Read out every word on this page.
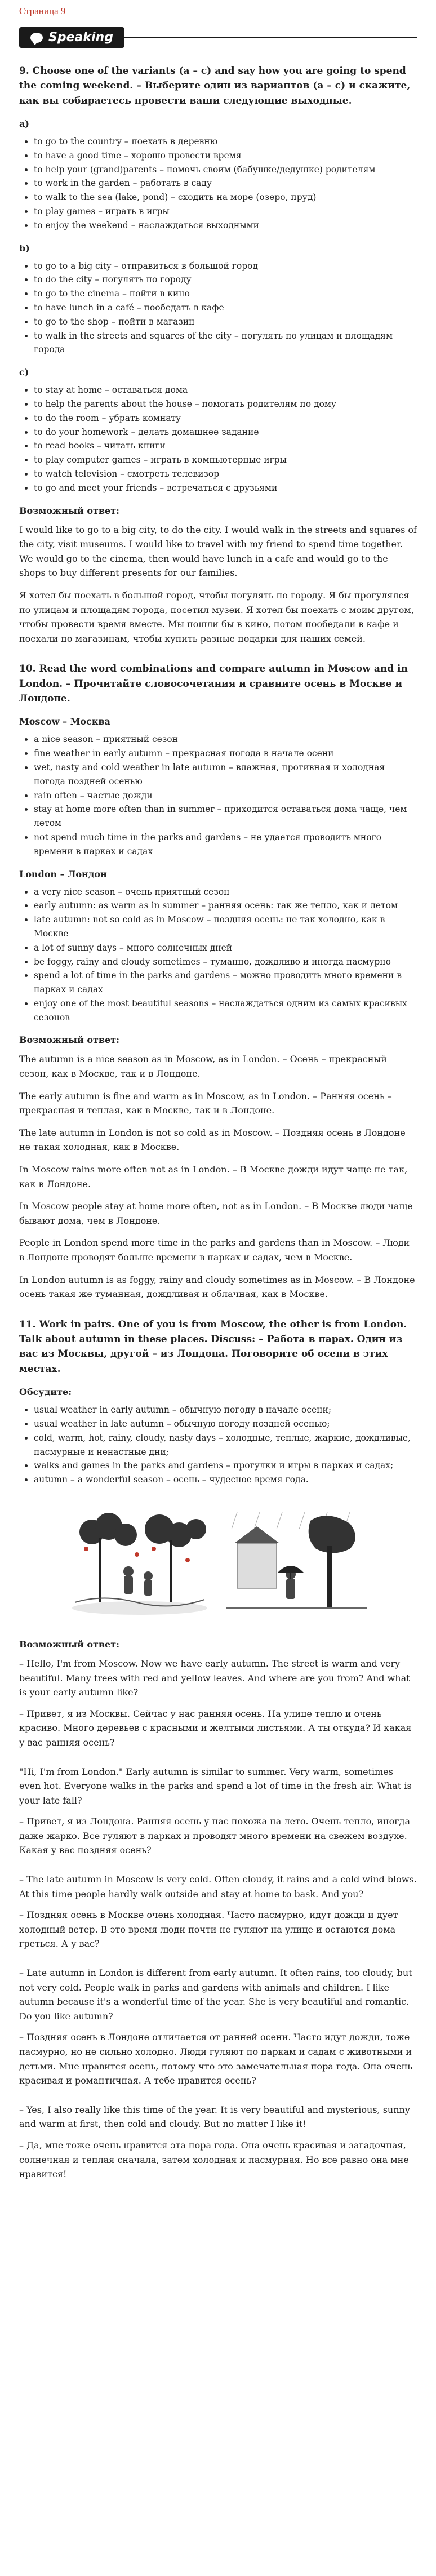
Страница 9
Speaking
9. Choose one of the variants (a – c) and say how you are going to spend the coming weekend. – Выберите один из вариантов (a – c) и скажите, как вы собираетесь провести ваши следующие выходные.
a)
• to go to the country – поехать в деревню
• to have a good time – хорошо провести время
• to help your (grand)parents – помочь своим (бабушке/дедушке) родителям
• to work in the garden – работать в саду
• to walk to the sea (lake, pond) – сходить на море (озеро, пруд)
• to play games – играть в игры
• to enjoy the weekend – наслаждаться выходными
b)
• to go to a big city – отправиться в большой город
• to do the city – погулять по городу
• to go to the cinema – пойти в кино
• to have lunch in a café – пообедать в кафе
• to go to the shop – пойти в магазин
• to walk in the streets and squares of the city – погулять по улицам и площадям города
c)
• to stay at home – оставаться дома
• to help the parents about the house – помогать родителям по дому
• to do the room – убрать комнату
• to do your homework – делать домашнее задание
• to read books – читать книги
• to play computer games – играть в компьютерные игры
• to watch television – смотреть телевизор
• to go and meet your friends – встречаться с друзьями
Возможный ответ:

I would like to go to a big city, to do the city. I would walk in the streets and squares of the city, visit museums. I would like to travel with my friend to spend time together. We would go to the cinema, then would have lunch in a cafe and would go to the shops to buy different presents for our families.

Я хотел бы поехать в большой город, чтобы погулять по городу. Я бы прогулялся по улицам и площадям города, посетил музеи. Я хотел бы поехать с моим другом, чтобы провести время вместе. Мы пошли бы в кино, потом пообедали в кафе и поехали по магазинам, чтобы купить разные подарки для наших семей.

10. Read the word combinations and compare autumn in Moscow and in London. – Прочитайте словосочетания и сравните осень в Москве и Лондоне.
Moscow – Москва
• a nice season – приятный сезон
• fine weather in early autumn – прекрасная погода в начале осени
• wet, nasty and cold weather in late autumn – влажная, противная и холодная погода поздней осенью
• rain often – частые дожди
• stay at home more often than in summer – приходится оставаться дома чаще, чем летом
• not spend much time in the parks and gardens – не удается проводить много времени в парках и садах
London – Лондон
• a very nice season – очень приятный сезон
• early autumn: as warm as in summer – ранняя осень: так же тепло, как и летом
• late autumn: not so cold as in Moscow – поздняя осень: не так холодно, как в Москве
• a lot of sunny days – много солнечных дней
• be foggy, rainy and cloudy sometimes – туманно, дождливо и иногда пасмурно
• spend a lot of time in the parks and gardens – можно проводить много времени в парках и садах
• enjoy one of the most beautiful seasons – наслаждаться одним из самых красивых сезонов
Возможный ответ:

The autumn is a nice season as in Moscow, as in London. – Осень – прекрасный сезон, как в Москве, так и в Лондоне.

The early autumn is fine and warm as in Moscow, as in London. – Ранняя осень – прекрасная и теплая, как в Москве, так и в Лондоне.

The late autumn in London is not so cold as in Moscow. – Поздняя осень в Лондоне не такая холодная, как в Москве.

In Moscow rains more often not as in London. – В Москве дожди идут чаще не так, как в Лондоне.

In Moscow people stay at home more often, not as in London. – В Москве люди чаще бывают дома, чем в Лондоне.

People in London spend more time in the parks and gardens than in Moscow. – Люди в Лондоне проводят больше времени в парках и садах, чем в Москве.

In London autumn is as foggy, rainy and cloudy sometimes as in Moscow. – В Лондоне осень такая же туманная, дождливая и облачная, как в Москве.

11. Work in pairs. One of you is from Moscow, the other is from London. Talk about autumn in these places. Discuss: – Работа в парах. Один из вас из Москвы, другой – из Лондона. Поговорите об осени в этих местах.
Обсудите:
• usual weather in early autumn – обычную погоду в начале осени;
• usual weather in late autumn – обычную погоду поздней осенью;
• cold, warm, hot, rainy, cloudy, nasty days – холодные, теплые, жаркие, дождливые, пасмурные и ненастные дни;
• walks and games in the parks and gardens – прогулки и игры в парках и садах;
• autumn – a wonderful season – осень – чудесное время года.
Возможный ответ:

– Hello, I'm from Moscow. Now we have early autumn. The street is warm and very beautiful. Many trees with red and yellow leaves. And where are you from? And what is your early autumn like?

– Привет, я из Москвы. Сейчас у нас ранняя осень. На улице тепло и очень красиво. Много деревьев с красными и желтыми листьями. А ты откуда? И какая у вас ранняя осень?

"Hi, I'm from London." Early autumn is similar to summer. Very warm, sometimes even hot. Everyone walks in the parks and spend a lot of time in the fresh air. What is your late fall?

– Привет, я из Лондона. Ранняя осень у нас похожа на лето. Очень тепло, иногда даже жарко. Все гуляют в парках и проводят много времени на свежем воздухе. Какая у вас поздняя осень?

– The late autumn in Moscow is very cold. Often cloudy, it rains and a cold wind blows. At this time people hardly walk outside and stay at home to bask. And you?

– Поздняя осень в Москве очень холодная. Часто пасмурно, идут дожди и дует холодный ветер. В это время люди почти не гуляют на улице и остаются дома греться. А у вас?

– Late autumn in London is different from early autumn. It often rains, too cloudy, but not very cold. People walk in parks and gardens with animals and children. I like autumn because it's a wonderful time of the year. She is very beautiful and romantic. Do you like autumn?

– Поздняя осень в Лондоне отличается от ранней осени. Часто идут дожди, тоже пасмурно, но не сильно холодно. Люди гуляют по паркам и садам с животными и детьми. Мне нравится осень, потому что это замечательная пора года. Она очень красивая и романтичная. А тебе нравится осень?

– Yes, I also really like this time of the year. It is very beautiful and mysterious, sunny and warm at first, then cold and cloudy. But no matter I like it!

– Да, мне тоже очень нравится эта пора года. Она очень красивая и загадочная, солнечная и теплая сначала, затем холодная и пасмурная. Но все равно она мне нравится!
